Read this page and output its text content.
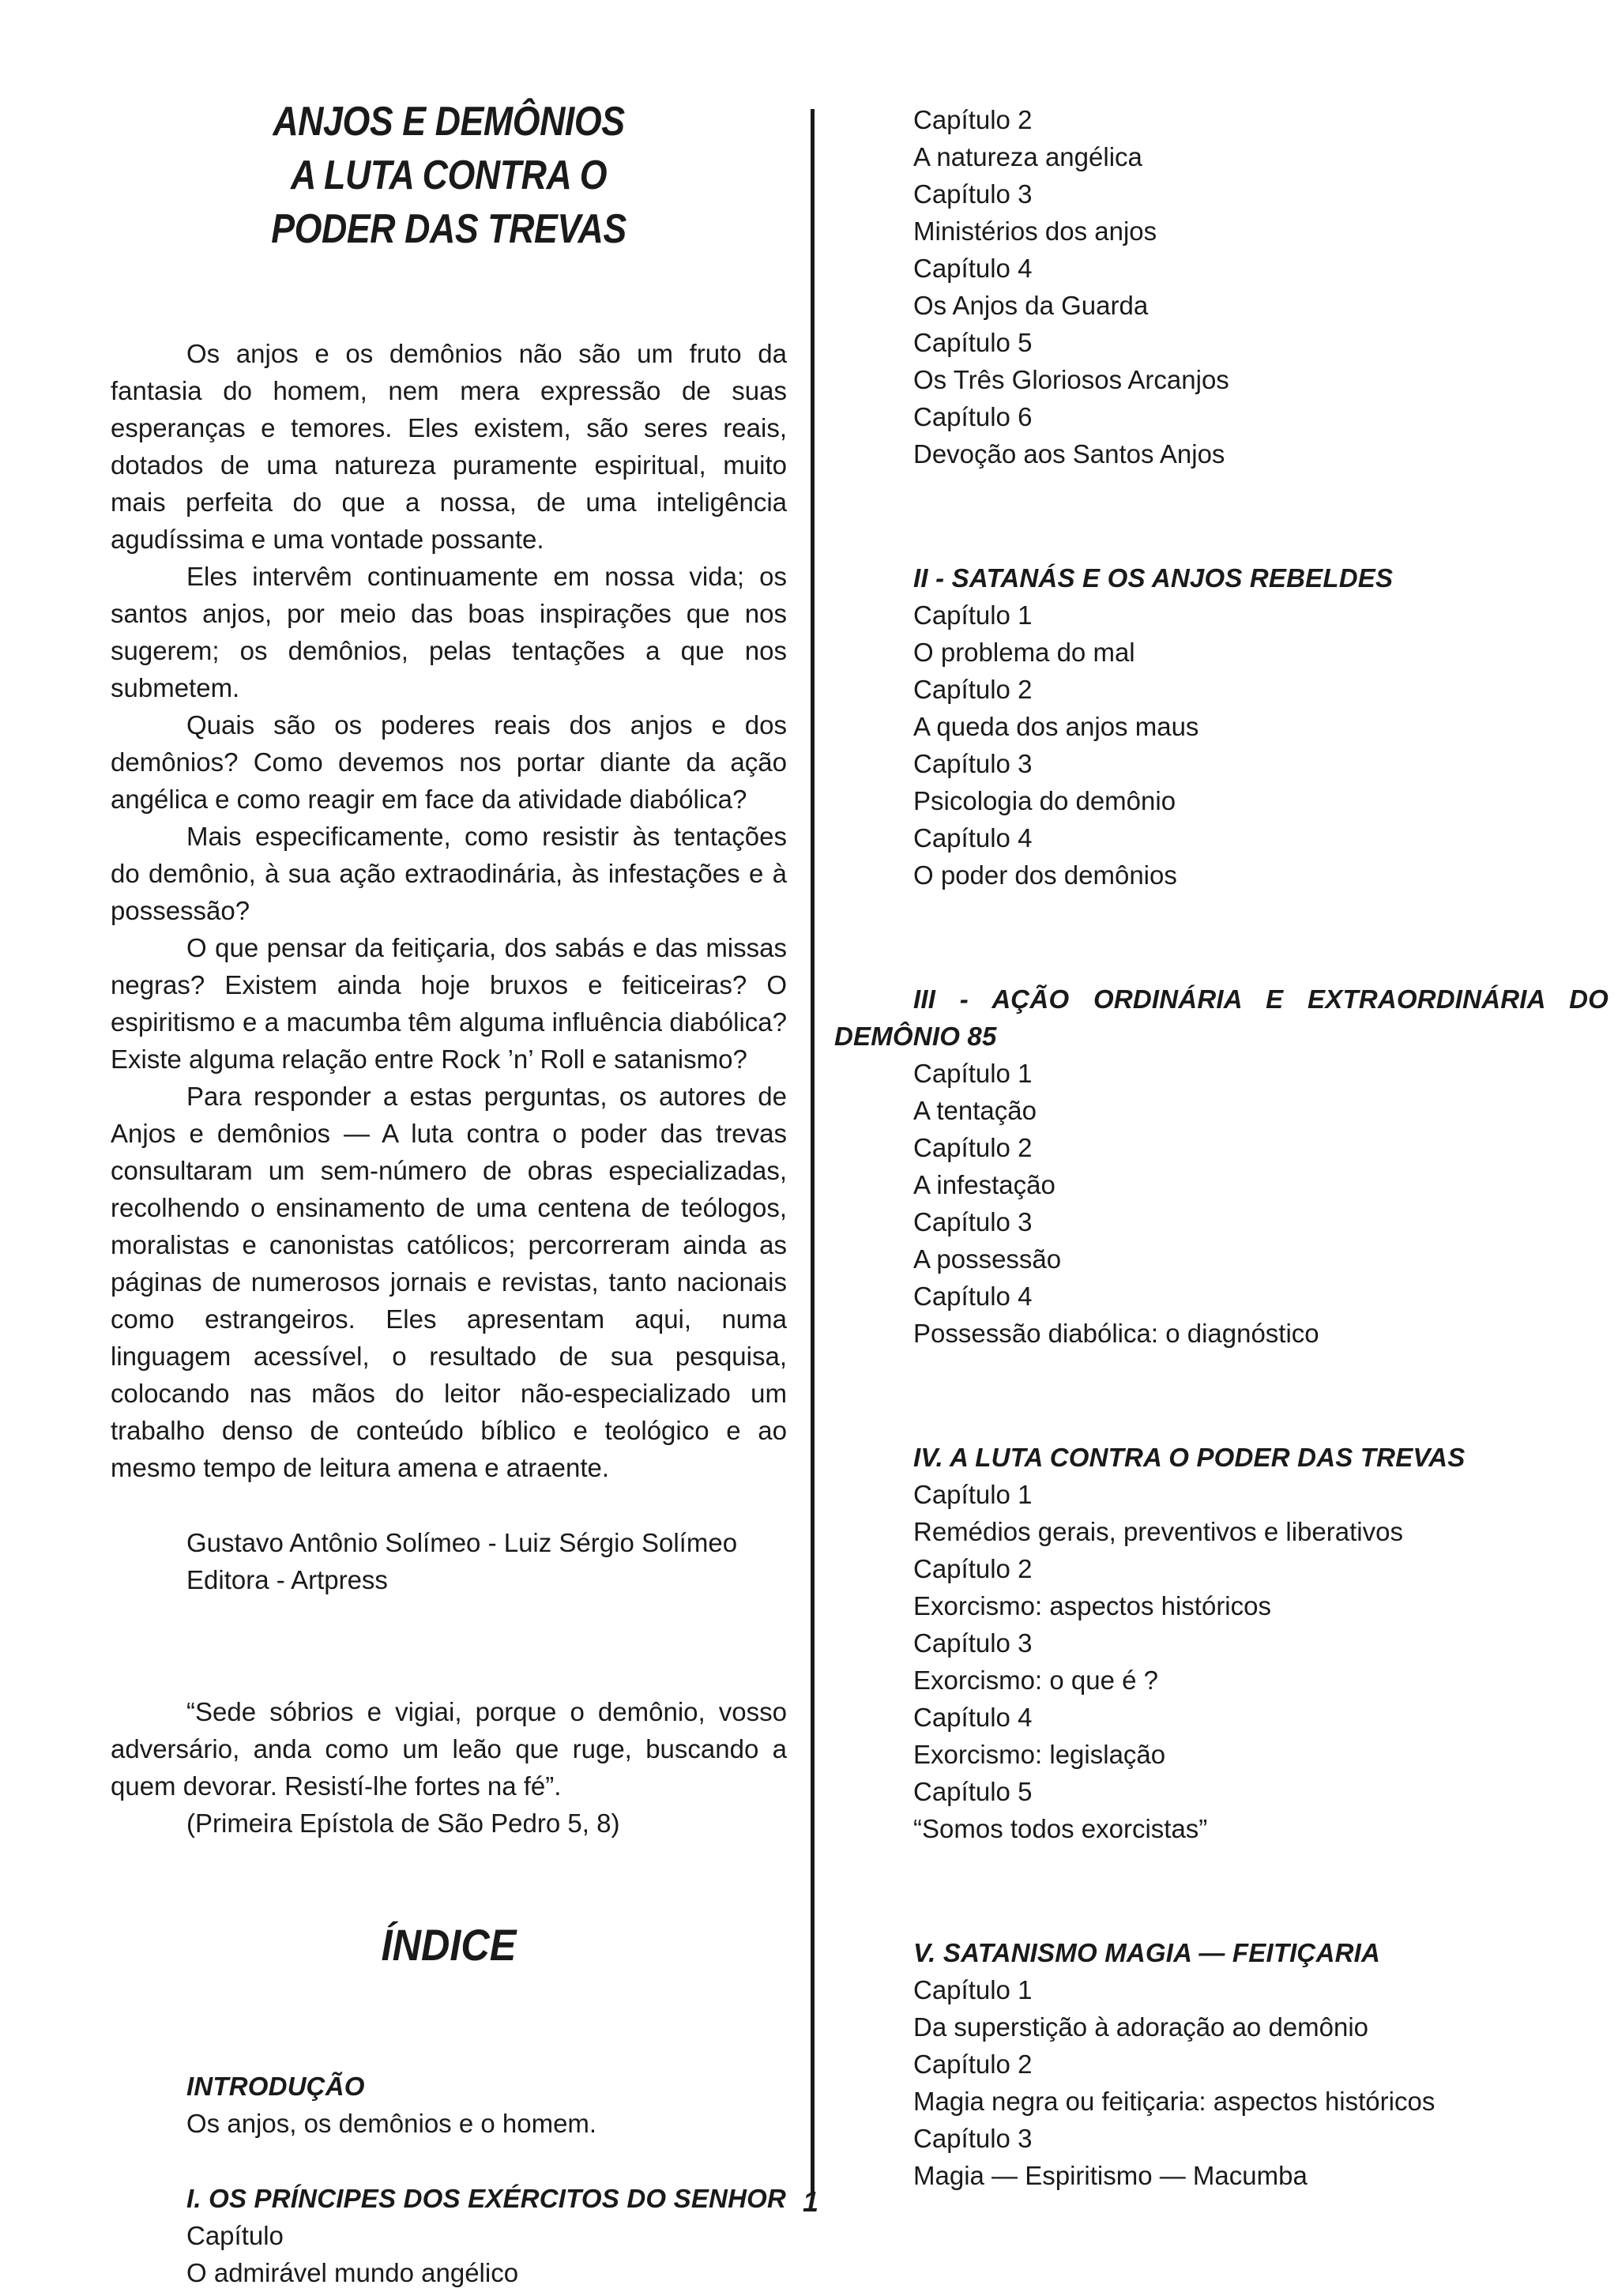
ANJOS E DEMÔNIOS
A LUTA CONTRA O
PODER DAS TREVAS

Os anjos e os demônios não são um fruto da fantasia do homem, nem mera expressão de suas esperanças e temores. Eles existem, são seres reais, dotados de uma natureza puramente espiritual, muito mais perfeita do que a nossa, de uma inteligência agudíssima e uma vontade possante.

Eles intervêm continuamente em nossa vida; os santos anjos, por meio das boas inspirações que nos sugerem; os demônios, pelas tentações a que nos submetem.

Quais são os poderes reais dos anjos e dos demônios? Como devemos nos portar diante da ação angélica e como reagir em face da atividade diabólica?

Mais especificamente, como resistir às tentações do demônio, à sua ação extraodinária, às infestações e à possessão?

O que pensar da feitiçaria, dos sabás e das missas negras? Existem ainda hoje bruxos e feiticeiras? O espiritismo e a macumba têm alguma influência diabólica? Existe alguma relação entre Rock ’n’ Roll e satanismo?

Para responder a estas perguntas, os autores de Anjos e demônios — A luta contra o poder das trevas consultaram um sem-número de obras especializadas, recolhendo o ensinamento de uma centena de teólogos, moralistas e canonistas católicos; percorreram ainda as páginas de numerosos jornais e revistas, tanto nacionais como estrangeiros. Eles apresentam aqui, numa linguagem acessível, o resultado de sua pesquisa, colocando nas mãos do leitor não-especializado um trabalho denso de conteúdo bíblico e teológico e ao mesmo tempo de leitura amena e atraente.

Gustavo Antônio Solímeo - Luiz Sérgio Solímeo
Editora - Artpress

“Sede sóbrios e vigiai, porque o demônio, vosso adversário, anda como um leão que ruge, buscando a quem devorar. Resistí-lhe fortes na fé”.

(Primeira Epístola de São Pedro 5, 8)
ÍNDICE

INTRODUÇÃO

Os anjos, os demônios e o homem.

I. OS PRÍNCIPES DOS EXÉRCITOS DO SENHOR

Capítulo

O admirável mundo angélico

Capítulo 2

A natureza angélica

Capítulo 3

Ministérios dos anjos

Capítulo 4

Os Anjos da Guarda

Capítulo 5

Os Três Gloriosos Arcanjos

Capítulo 6

Devoção aos Santos Anjos

II - SATANÁS E OS ANJOS REBELDES

Capítulo 1

O problema do mal

Capítulo 2

A queda dos anjos maus

Capítulo 3

Psicologia do demônio

Capítulo 4

O poder dos demônios

III - AÇÃO ORDINÁRIA E EXTRAORDINÁRIA DO

DEMÔNIO 85

Capítulo 1

A tentação

Capítulo 2

A infestação

Capítulo 3

A possessão

Capítulo 4

Possessão diabólica: o diagnóstico

IV. A LUTA CONTRA O PODER DAS TREVAS

Capítulo 1

Remédios gerais, preventivos e liberativos

Capítulo 2

Exorcismo: aspectos históricos

Capítulo 3

Exorcismo: o que é ?

Capítulo 4

Exorcismo: legislação

Capítulo 5

“Somos todos exorcistas”

V. SATANISMO MAGIA — FEITIÇARIA

Capítulo 1

Da superstição à adoração ao demônio

Capítulo 2

Magia negra ou feitiçaria: aspectos históricos

Capítulo 3

Magia — Espiritismo — Macumba

1
